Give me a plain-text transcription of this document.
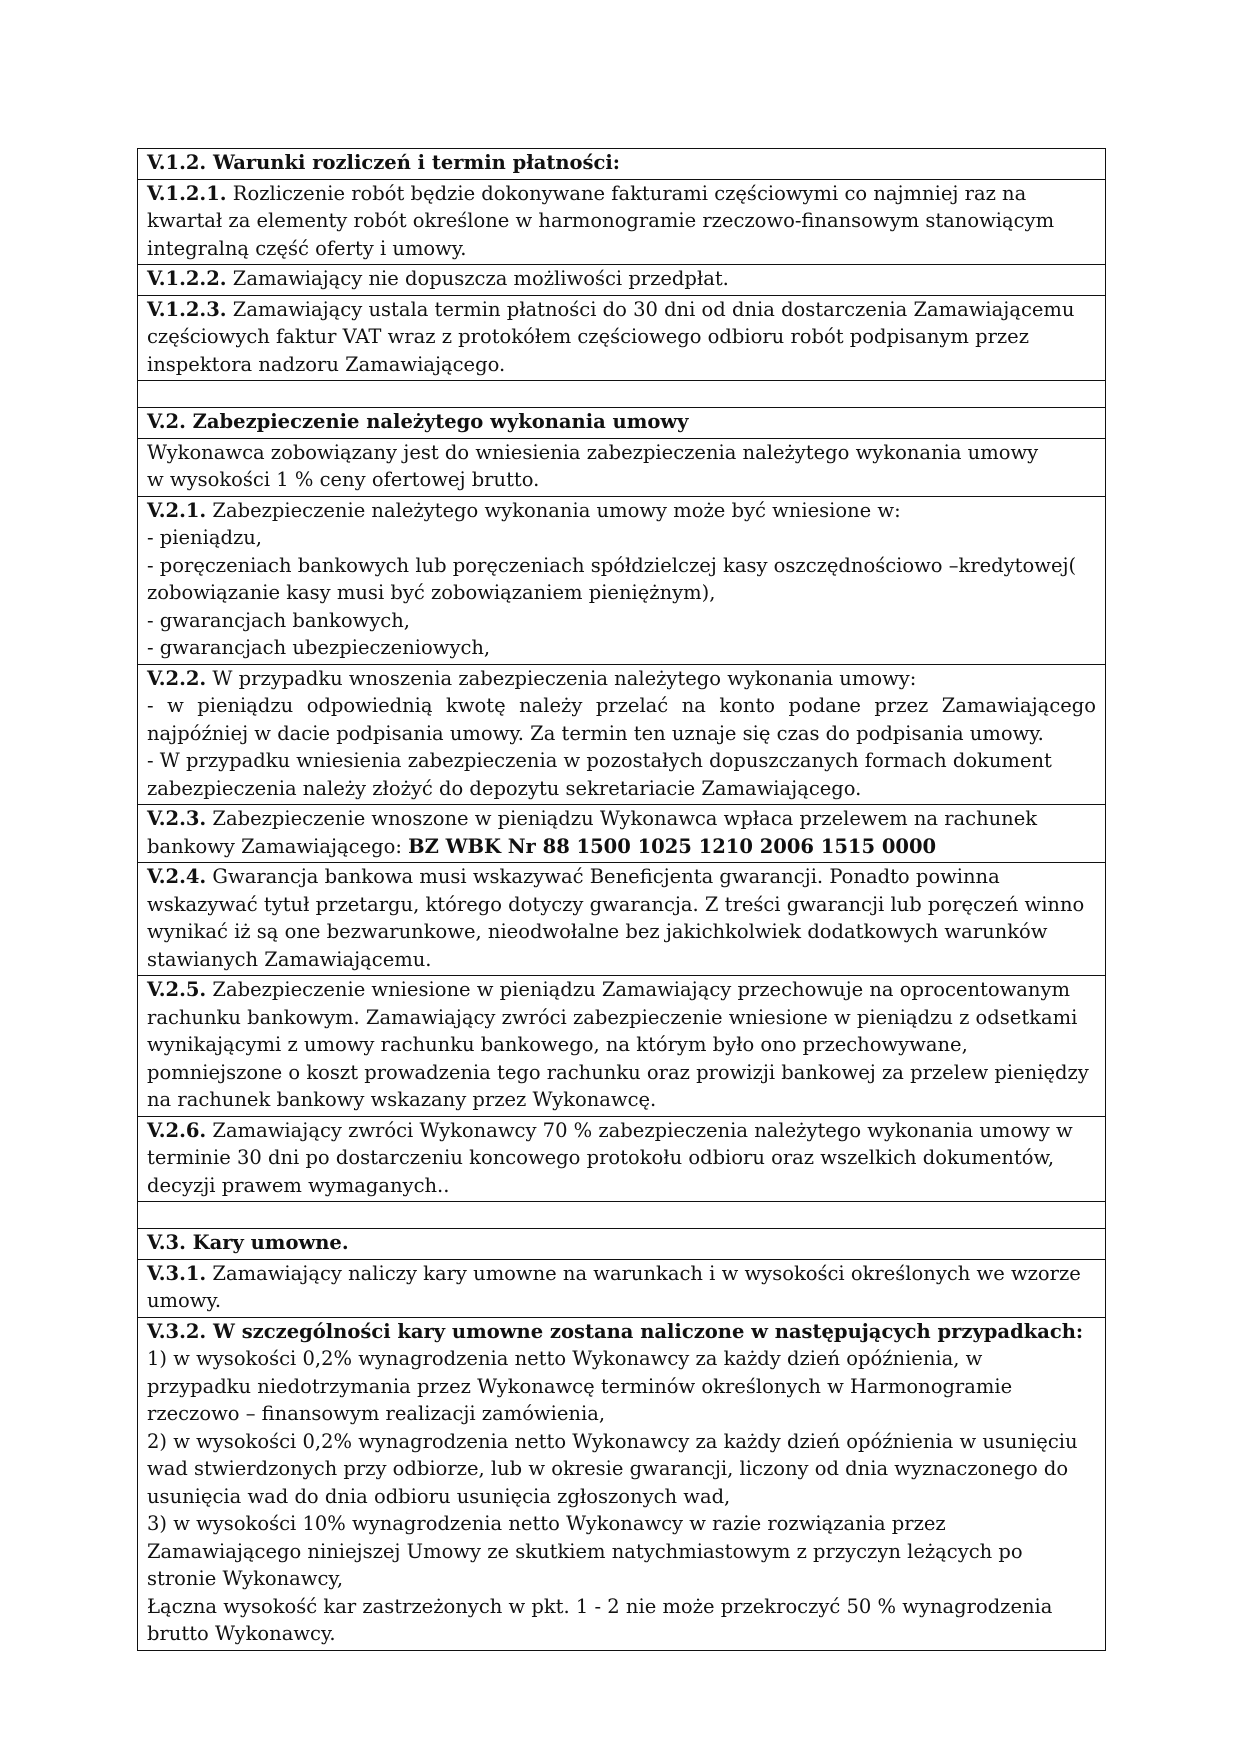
V.1.2. Warunki rozliczeń i termin płatności:

V.1.2.1. Rozliczenie robót będzie dokonywane fakturami częściowymi co najmniej raz na
kwartał za elementy robót określone w harmonogramie rzeczowo-finansowym stanowiącym
integralną część oferty i umowy.

V.1.2.2. Zamawiający nie dopuszcza możliwości przedpłat.

V.1.2.3. Zamawiający ustala termin płatności do 30 dni od dnia dostarczenia Zamawiającemu
częściowych faktur VAT wraz z protokółem częściowego odbioru robót podpisanym przez
inspektora nadzoru Zamawiającego.

V.2. Zabezpieczenie należytego wykonania umowy

Wykonawca zobowiązany jest do wniesienia zabezpieczenia należytego wykonania umowy
w wysokości 1 % ceny ofertowej brutto.

V.2.1. Zabezpieczenie należytego wykonania umowy może być wniesione w:
- pieniądzu,
- poręczeniach bankowych lub poręczeniach spółdzielczej kasy oszczędnościowo –kredytowej(
zobowiązanie kasy musi być zobowiązaniem pieniężnym),
- gwarancjach bankowych,
- gwarancjach ubezpieczeniowych,

V.2.2. W przypadku wnoszenia zabezpieczenia należytego wykonania umowy:
- w pieniądzu odpowiednią kwotę należy przelać na konto podane przez Zamawiającego
najpóźniej w dacie podpisania umowy. Za termin ten uznaje się czas do podpisania umowy.
- W przypadku wniesienia zabezpieczenia w pozostałych dopuszczanych formach dokument
zabezpieczenia należy złożyć do depozytu sekretariacie Zamawiającego.

V.2.3. Zabezpieczenie wnoszone w pieniądzu Wykonawca wpłaca przelewem na rachunek
bankowy Zamawiającego: BZ WBK Nr 88 1500 1025 1210 2006 1515 0000

V.2.4. Gwarancja bankowa musi wskazywać Beneficjenta gwarancji. Ponadto powinna
wskazywać tytuł przetargu, którego dotyczy gwarancja. Z treści gwarancji lub poręczeń winno
wynikać iż są one bezwarunkowe, nieodwołalne bez jakichkolwiek dodatkowych warunków
stawianych Zamawiającemu.

V.2.5. Zabezpieczenie wniesione w pieniądzu Zamawiający przechowuje na oprocentowanym
rachunku bankowym. Zamawiający zwróci zabezpieczenie wniesione w pieniądzu z odsetkami
wynikającymi z umowy rachunku bankowego, na którym było ono przechowywane,
pomniejszone o koszt prowadzenia tego rachunku oraz prowizji bankowej za przelew pieniędzy
na rachunek bankowy wskazany przez Wykonawcę.

V.2.6. Zamawiający zwróci Wykonawcy 70 % zabezpieczenia należytego wykonania umowy w
terminie 30 dni po dostarczeniu koncowego protokołu odbioru oraz wszelkich dokumentów,
decyzji prawem wymaganych..

V.3. Kary umowne.

V.3.1. Zamawiający naliczy kary umowne na warunkach i w wysokości określonych we wzorze
umowy.

V.3.2. W szczególności kary umowne zostana naliczone w następujących przypadkach:
1) w wysokości 0,2% wynagrodzenia netto Wykonawcy za każdy dzień opóźnienia, w
przypadku niedotrzymania przez Wykonawcę terminów określonych w Harmonogramie
rzeczowo – finansowym realizacji zamówienia,
2) w wysokości 0,2% wynagrodzenia netto Wykonawcy za każdy dzień opóźnienia w usunięciu
wad stwierdzonych przy odbiorze, lub w okresie gwarancji, liczony od dnia wyznaczonego do
usunięcia wad do dnia odbioru usunięcia zgłoszonych wad,
3) w wysokości 10% wynagrodzenia netto Wykonawcy w razie rozwiązania przez
Zamawiającego niniejszej Umowy ze skutkiem natychmiastowym z przyczyn leżących po
stronie Wykonawcy,
Łączna wysokość kar zastrzeżonych w pkt. 1 - 2 nie może przekroczyć 50 % wynagrodzenia
brutto Wykonawcy.
